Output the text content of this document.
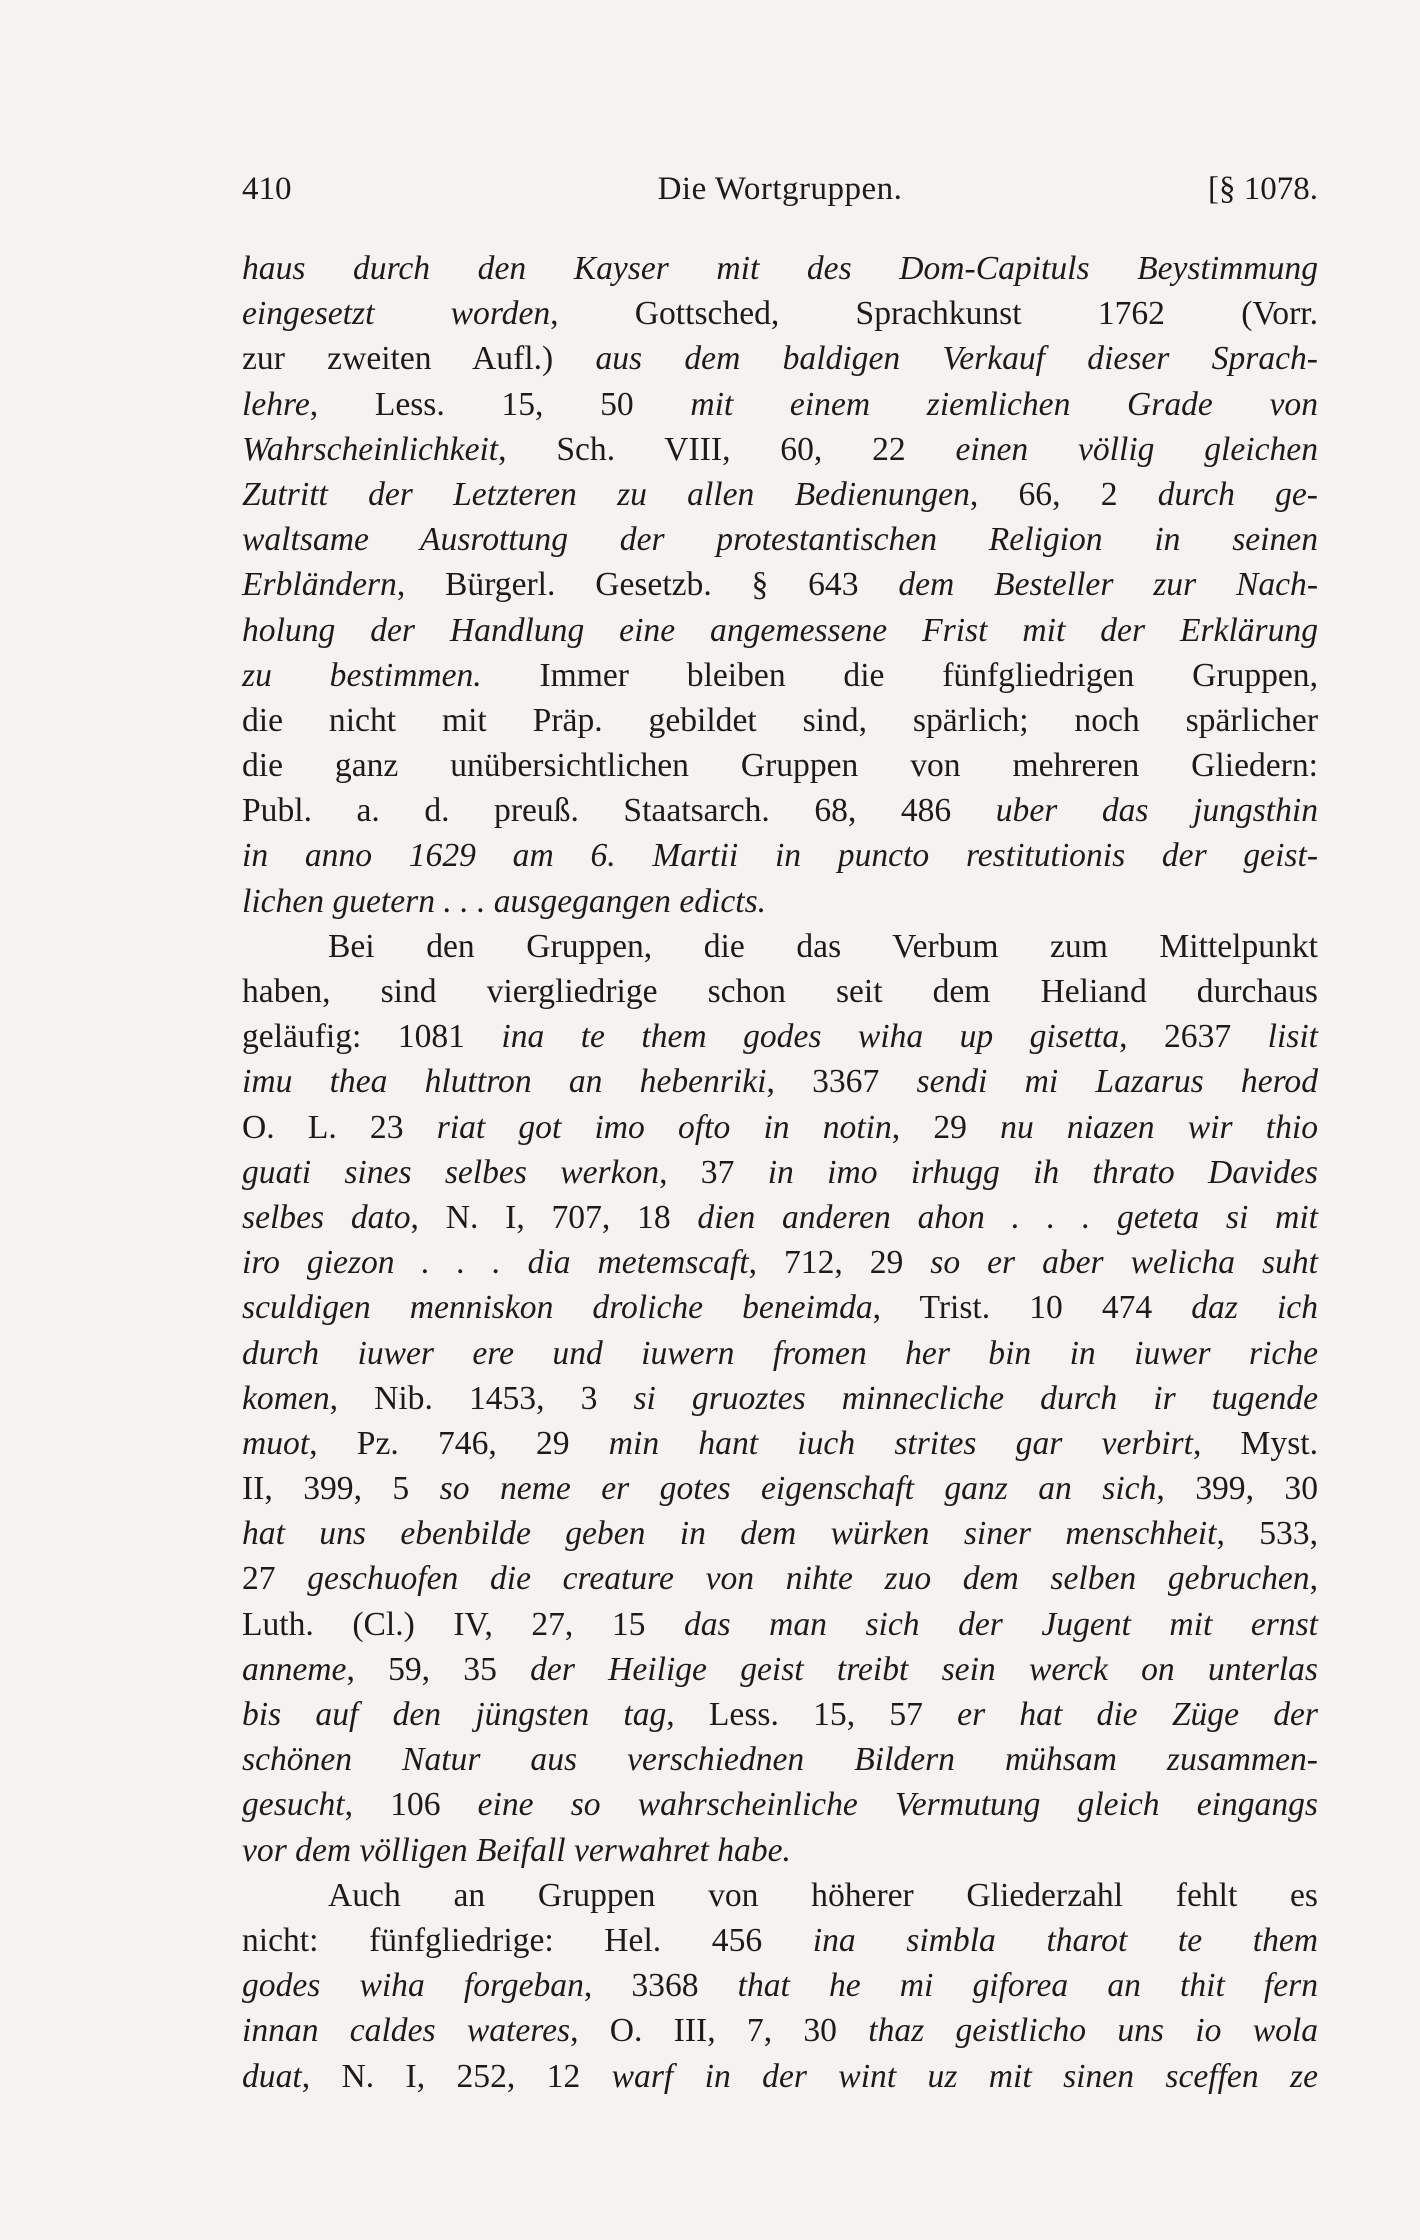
410	Die Wortgruppen.	[§ 1078.
haus durch den Kayser mit des Dom-Capituls Beystimmung
eingesetzt worden, Gottsched, Sprachkunst 1762 (Vorr.
zur zweiten Aufl.) aus dem baldigen Verkauf dieser Sprach-
lehre, Less. 15, 50 mit einem ziemlichen Grade von
Wahrscheinlichkeit, Sch. VIII, 60, 22 einen völlig gleichen
Zutritt der Letzteren zu allen Bedienungen, 66, 2 durch ge-
waltsame Ausrottung der protestantischen Religion in seinen
Erbländern, Bürgerl. Gesetzb. § 643 dem Besteller zur Nach-
holung der Handlung eine angemessene Frist mit der Erklärung
zu bestimmen. Immer bleiben die fünfgliedrigen Gruppen,
die nicht mit Präp. gebildet sind, spärlich; noch spärlicher
die ganz unübersichtlichen Gruppen von mehreren Gliedern:
Publ. a. d. preuß. Staatsarch. 68, 486 uber das jungsthin
in anno 1629 am 6. Martii in puncto restitutionis der geist-
lichen guetern . . . ausgegangen edicts.
Bei den Gruppen, die das Verbum zum Mittelpunkt
haben, sind viergliedrige schon seit dem Heliand durchaus
geläufig: 1081 ina te them godes wiha up gisetta, 2637 lisit
imu thea hluttron an hebenriki, 3367 sendi mi Lazarus herod
O. L. 23 riat got imo ofto in notin, 29 nu niazen wir thio
guati sines selbes werkon, 37 in imo irhugg ih thrato Davides
selbes dato, N. I, 707, 18 dien anderen ahon . . . geteta si mit
iro giezon . . . dia metemscaft, 712, 29 so er aber welicha suht
sculdigen menniskon droliche beneimda, Trist. 10 474 daz ich
durch iuwer ere und iuwern fromen her bin in iuwer riche
komen, Nib. 1453, 3 si gruoztes minnecliche durch ir tugende
muot, Pz. 746, 29 min hant iuch strites gar verbirt, Myst.
II, 399, 5 so neme er gotes eigenschaft ganz an sich, 399, 30
hat uns ebenbilde geben in dem würken siner menschheit, 533,
27 geschuofen die creature von nihte zuo dem selben gebruchen,
Luth. (Cl.) IV, 27, 15 das man sich der Jugent mit ernst
anneme, 59, 35 der Heilige geist treibt sein werck on unterlas
bis auf den jüngsten tag, Less. 15, 57 er hat die Züge der
schönen Natur aus verschiednen Bildern mühsam zusammen-
gesucht, 106 eine so wahrscheinliche Vermutung gleich eingangs
vor dem völligen Beifall verwahret habe.
Auch an Gruppen von höherer Gliederzahl fehlt es
nicht: fünfgliedrige: Hel. 456 ina simbla tharot te them
godes wiha forgeban, 3368 that he mi giforea an thit fern
innan caldes wateres, O. III, 7, 30 thaz geistlicho uns io wola
duat, N. I, 252, 12 warf in der wint uz mit sinen sceffen ze
